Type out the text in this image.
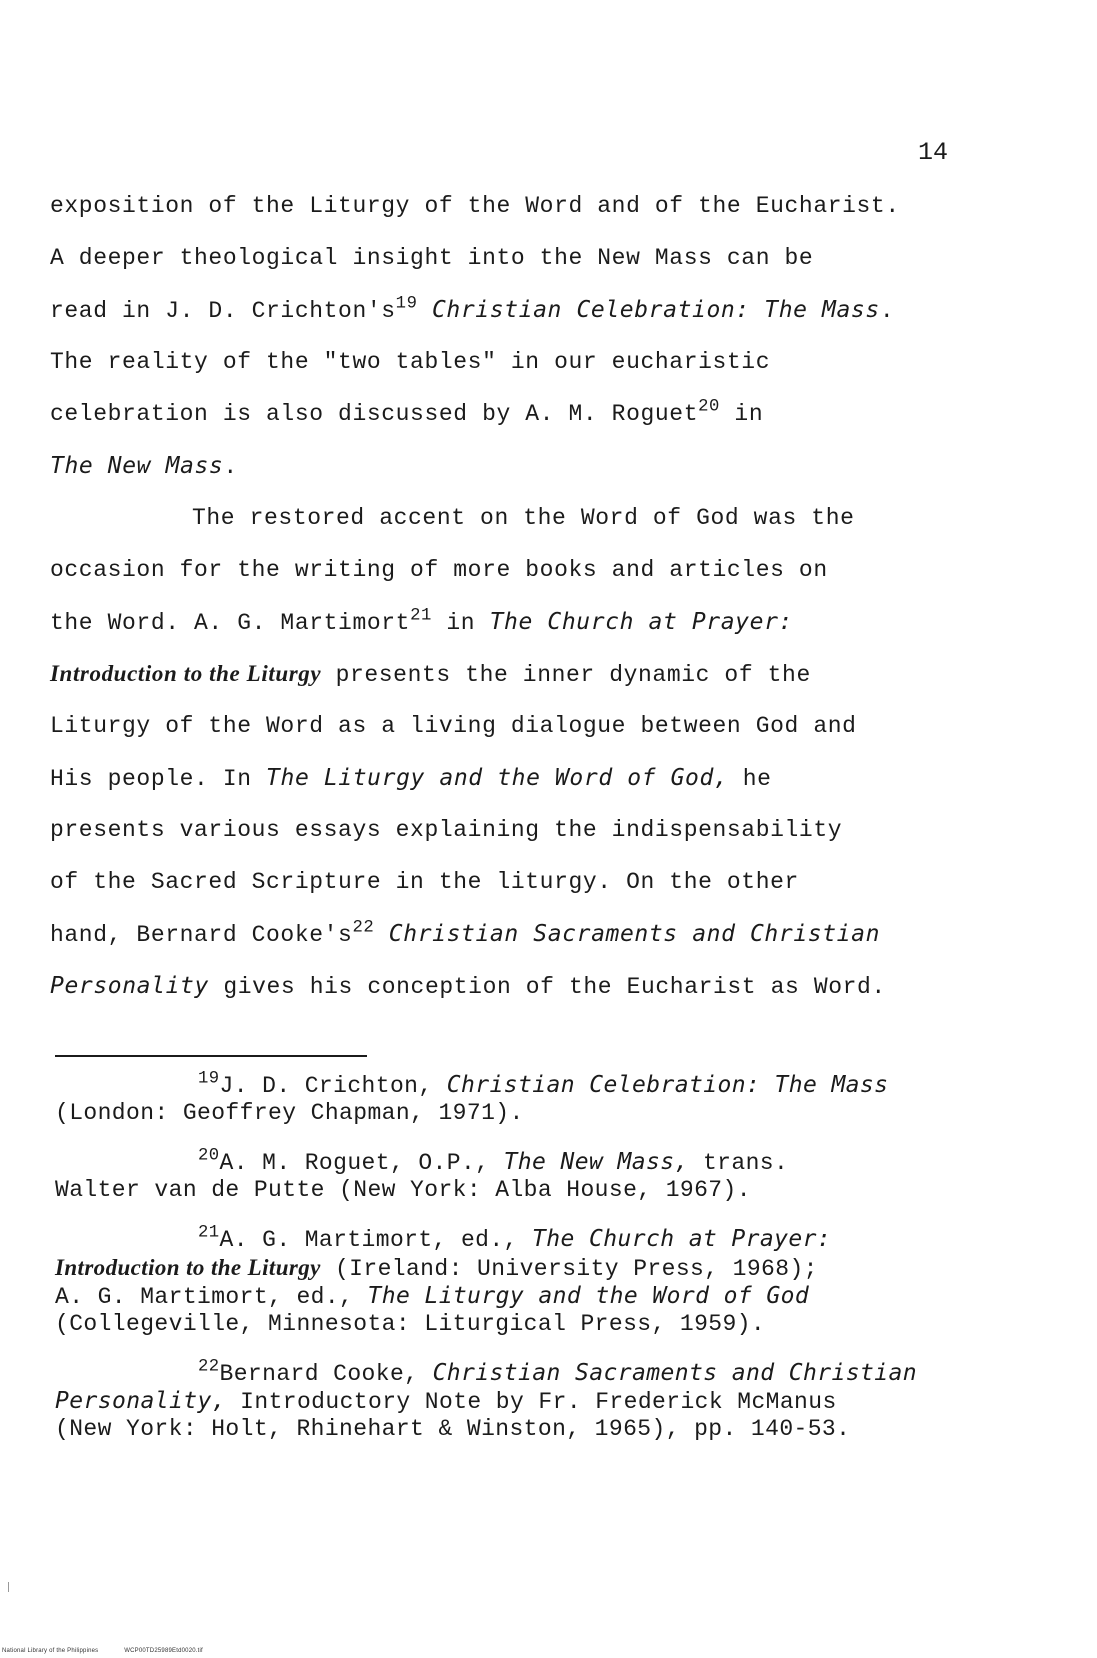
14
exposition of the Liturgy of the Word and of the Eucharist.
A deeper theological insight into the New Mass can be
read in J. D. $Crichton's^{19}$ Christian Celebration: The Mass.
The reality of the "two tables" in our eucharistic
celebration is also discussed by A. M. Roguet$^{20}$ in
The New Mass.
The restored accent on the Word of God was the
occasion for the writing of more books and articles on
the Word. A. G. Martimort$^{21}$ in The Church at Prayer:
Introduction to the Liturgy presents the inner dynamic of the
Liturgy of the Word as a living dialogue between God and
His people. In The Liturgy and the Word of God, he
presents various essays explaining the indispensability
of the Sacred Scripture in the liturgy. On the other
hand, Bernard $Cooke's^{22}$ Christian Sacraments and Christian
Personality gives his conception of the Eucharist as Word.
$^{19}$J. D. Crichton, Christian Celebration: The Mass
(London: Geoffrey Chapman, 1971).
$^{20}$A. M. Roguet, O.P., The New Mass, trans.
Walter van de Putte (New York: Alba House, 1967).
$^{21}$A. G. Martimort, ed., The Church at Prayer:
Introduction to the Liturgy (Ireland: University Press, 1968);
A. G. Martimort, ed., The Liturgy and the Word of God
(Collegeville, Minnesota: Liturgical Press, 1959).
$^{22}$Bernard Cooke, Christian Sacraments and Christian
Personality, Introductory Note by Fr. Frederick McManus
(New York: Holt, Rhinehart & Winston, 1965), pp. 140-53.
National Library of the Philippines	WCP00TD25989Etd0020.tif
